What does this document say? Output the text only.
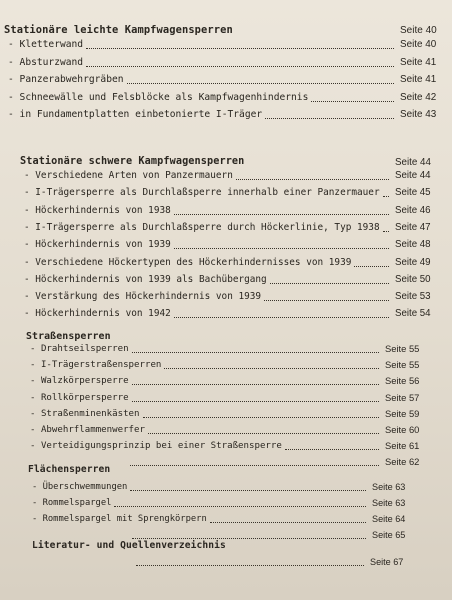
Stationäre leichte Kampfwagensperren	Seite 40
- Kletterwand	Seite 40
- Absturzwand	Seite 41
- Panzerabwehrgräben	Seite 41
- Schneewälle und Felsblöcke als Kampfwagenhindernis	Seite 42
- in Fundamentplatten einbetonierte I-Träger	Seite 43
Stationäre schwere Kampfwagensperren	Seite 44
- Verschiedene Arten von Panzermauern	Seite 44
- I-Trägersperre als Durchlaßsperre innerhalb einer Panzermauer Seite 45
- Höckerhindernis von 1938	Seite 46
- I-Trägersperre als Durchlaßsperre durch Höckerlinie, Typ 1938 Seite 47
- Höckerhindernis von 1939	Seite 48
- Verschiedene Höckertypen des Höckerhindernisses von 1939	Seite 49
- Höckerhindernis von 1939 als Bachübergang	Seite 50
- Verstärkung des Höckerhindernis von 1939	Seite 53
- Höckerhindernis von 1942	Seite 54
Straßensperren
- Drahtseilsperren	Seite 55
- I-Trägerstraßensperren	Seite 55
- Walzkörpersperre	Seite 56
- Rollkörpersperre	Seite 57
- Straßenminenkästen	Seite 59
- Abwehrflammenwerfer	Seite 60
- Verteidigungsprinzip bei einer Straßensperre	Seite 61
Seite 62
Flächensperren
- Überschwemmungen	Seite 63
- Rommelspargel	Seite 63
- Rommelspargel mit Sprengkörpern	Seite 64
Seite 65
Literatur- und Quellenverzeichnis
Seite 67
